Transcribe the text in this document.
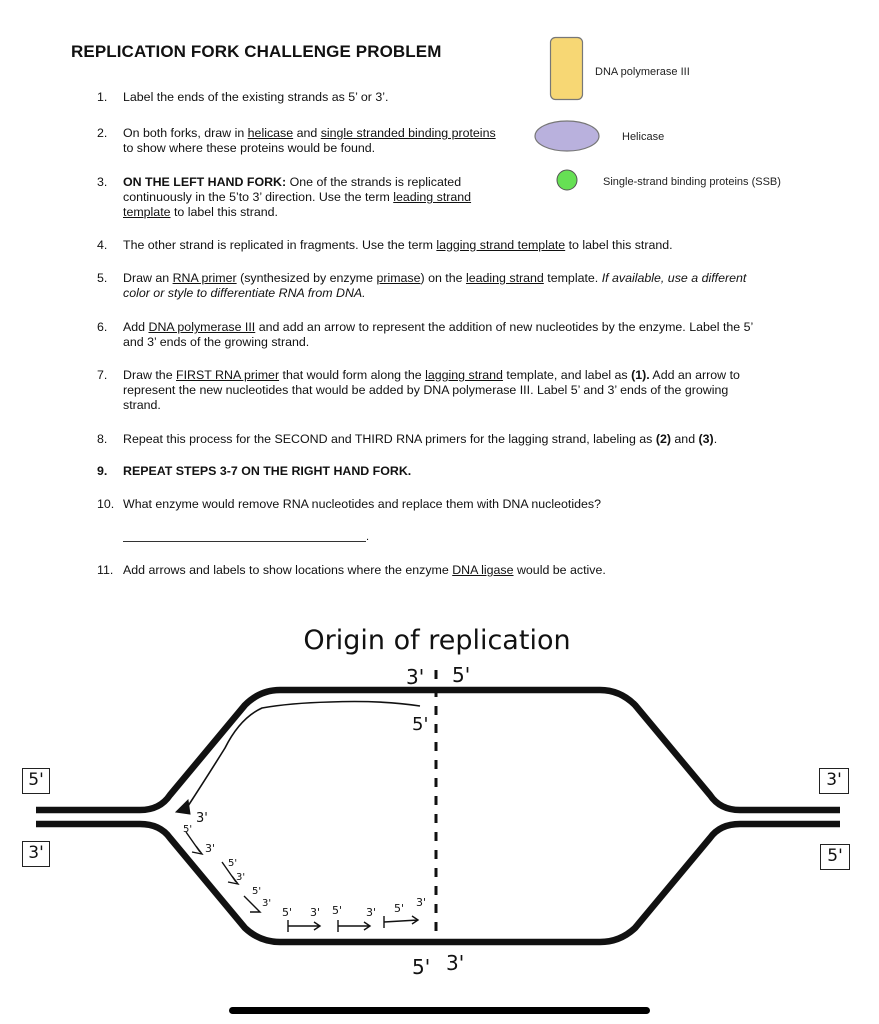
REPLICATION FORK CHALLENGE PROBLEM
DNA polymerase III
Helicase
Single-strand binding proteins (SSB)
1.	Label the ends of the existing strands as 5’ or 3’.
2.	On both forks, draw in helicase and single stranded binding proteins
to show where these proteins would be found.
3.	ON THE LEFT HAND FORK: One of the strands is replicated
continuously in the 5’to 3’ direction. Use the term leading strand
template to label this strand.
4.	The other strand is replicated in fragments. Use the term lagging strand template to label this strand.
5.	Draw an RNA primer (synthesized by enzyme primase) on the leading strand template. If available, use a different
color or style to differentiate RNA from DNA.
6.	Add DNA polymerase III and add an arrow to represent the addition of new nucleotides by the enzyme. Label the 5’
and 3’ ends of the growing strand.
7.	Draw the FIRST RNA primer that would form along the lagging strand template, and label as (1). Add an arrow to
represent the new nucleotides that would be added by DNA polymerase III. Label 5’ and 3’ ends of the growing
strand.
8.	Repeat this process for the SECOND and THIRD RNA primers for the lagging strand, labeling as (2) and (3).
9.	REPEAT STEPS 3-7 ON THE RIGHT HAND FORK.
10. What enzyme would remove RNA nucleotides and replace them with DNA nucleotides?
.
11. Add arrows and labels to show locations where the enzyme DNA ligase would be active.
5'
3'
3'
5'
Origin of replication
3' 5'
5' 3'
5'
3'
5'
3'
5'
3'
5'
3'
5' 3' 5' 3' 5' 3'
